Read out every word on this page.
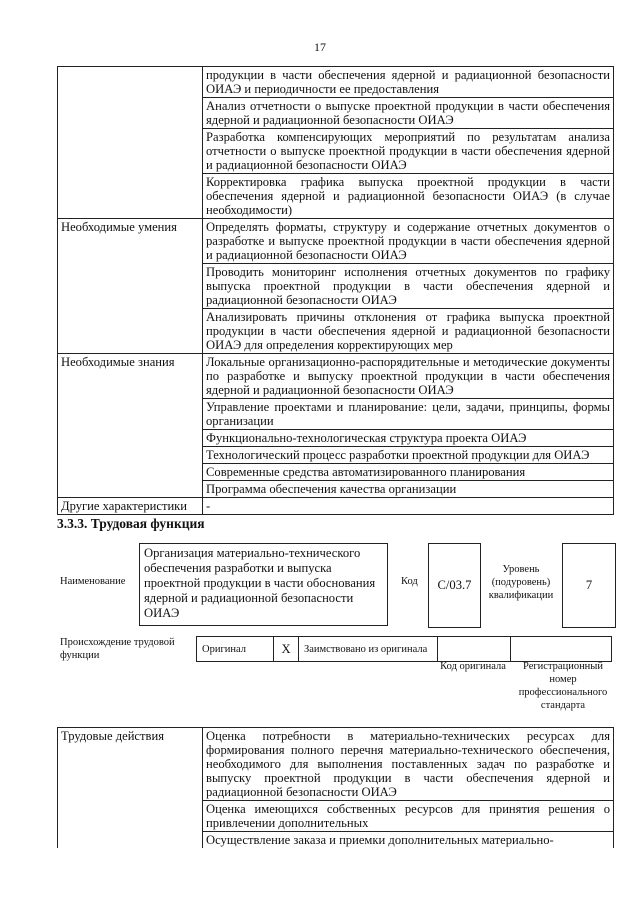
17
	продукции в части обеспечения ядерной и радиационной безопасности ОИАЭ и периодичности ее предоставления
	Анализ отчетности о выпуске проектной продукции в части обеспечения ядерной и радиационной безопасности ОИАЭ
	Разработка компенсирующих мероприятий по результатам анализа отчетности о выпуске проектной продукции в части обеспечения ядерной и радиационной безопасности ОИАЭ
	Корректировка графика выпуска проектной продукции в части обеспечения ядерной и радиационной безопасности ОИАЭ (в случае необходимости)
Необходимые умения	Определять форматы, структуру и содержание отчетных документов о разработке и выпуске проектной продукции в части обеспечения ядерной и радиационной безопасности ОИАЭ
	Проводить мониторинг исполнения отчетных документов по графику выпуска проектной продукции в части обеспечения ядерной и радиационной безопасности ОИАЭ
	Анализировать причины отклонения от графика выпуска проектной продукции в части обеспечения ядерной и радиационной безопасности ОИАЭ для определения корректирующих мер
Необходимые знания	Локальные организационно-распорядительные и методические документы по разработке и выпуску проектной продукции в части обеспечения ядерной и радиационной безопасности ОИАЭ
	Управление проектами и планирование: цели, задачи, принципы, формы организации
	Функционально-технологическая структура проекта ОИАЭ
	Технологический процесс разработки проектной продукции для ОИАЭ
	Современные средства автоматизированного планирования
	Программа обеспечения качества организации
Другие характеристики	-
3.3.3. Трудовая функция
Наименование
Организация материально-технического обеспечения разработки и выпуска проектной продукции в части обоснования ядерной и радиационной безопасности ОИАЭ
Код	C/03.7
Уровень (подуровень) квалификации
7
Происхождение трудовой функции
Оригинал	X	Заимствовано из оригинала		
Код оригинала	Регистрационный номер профессионального стандарта
Трудовые действия	Оценка потребности в материально-технических ресурсах для формирования полного перечня материально-технического обеспечения, необходимого для выполнения поставленных задач по разработке и выпуску проектной продукции в части обеспечения ядерной и радиационной безопасности ОИАЭ
Оценка имеющихся собственных ресурсов для принятия решения о привлечении дополнительных
Осуществление заказа и приемки дополнительных материально-
